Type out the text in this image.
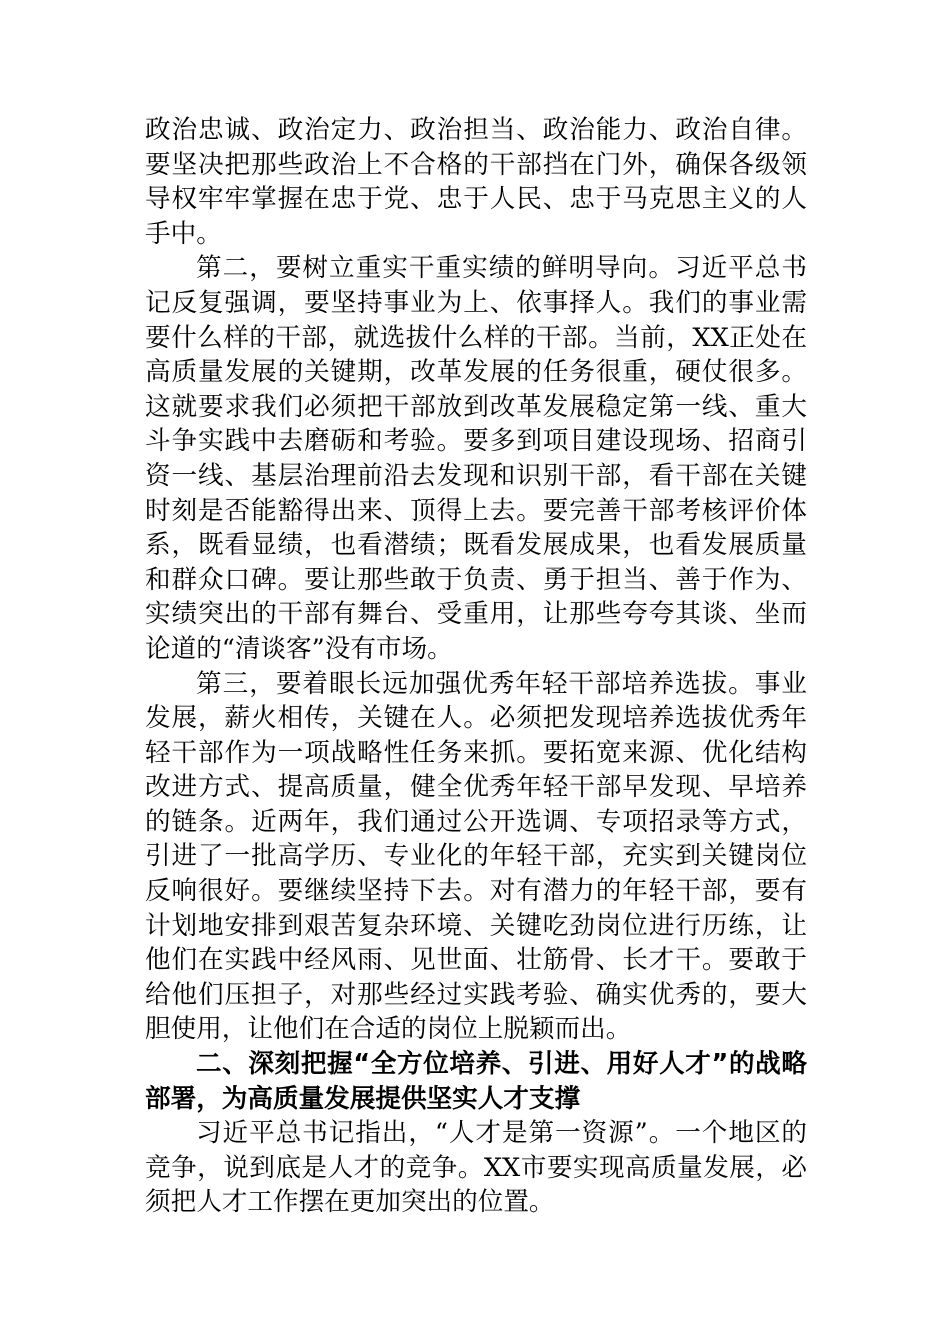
政治忠诚、政治定力、政治担当、政治能力、政治自律。要坚决把那些政治上不合格的干部挡在门外，确保各级领导权牢牢掌握在忠于党、忠于人民、忠于马克思主义的人手中。

第二，要树立重实干重实绩的鲜明导向。习近平总书记反复强调，要坚持事业为上、依事择人。我们的事业需要什么样的干部，就选拔什么样的干部。当前，XX正处在高质量发展的关键期，改革发展的任务很重，硬仗很多。这就要求我们必须把干部放到改革发展稳定第一线、重大斗争实践中去磨砺和考验。要多到项目建设现场、招商引资一线、基层治理前沿去发现和识别干部，看干部在关键时刻是否能豁得出来、顶得上去。要完善干部考核评价体系，既看显绩，也看潜绩；既看发展成果，也看发展质量和群众口碑。要让那些敢于负责、勇于担当、善于作为、实绩突出的干部有舞台、受重用，让那些夸夸其谈、坐而论道的“清谈客”没有市场。

第三，要着眼长远加强优秀年轻干部培养选拔。事业发展，薪火相传，关键在人。必须把发现培养选拔优秀年轻干部作为一项战略性任务来抓。要拓宽来源、优化结构改进方式、提高质量，健全优秀年轻干部早发现、早培养的链条。近两年，我们通过公开选调、专项招录等方式，引进了一批高学历、专业化的年轻干部，充实到关键岗位反响很好。要继续坚持下去。对有潜力的年轻干部，要有计划地安排到艰苦复杂环境、关键吃劲岗位进行历练，让他们在实践中经风雨、见世面、壮筋骨、长才干。要敢于给他们压担子，对那些经过实践考验、确实优秀的，要大胆使用，让他们在合适的岗位上脱颖而出。

二、深刻把握“全方位培养、引进、用好人才”的战略部署，为高质量发展提供坚实人才支撑

习近平总书记指出，“人才是第一资源”。一个地区的竞争，说到底是人才的竞争。XX市要实现高质量发展，必须把人才工作摆在更加突出的位置。
